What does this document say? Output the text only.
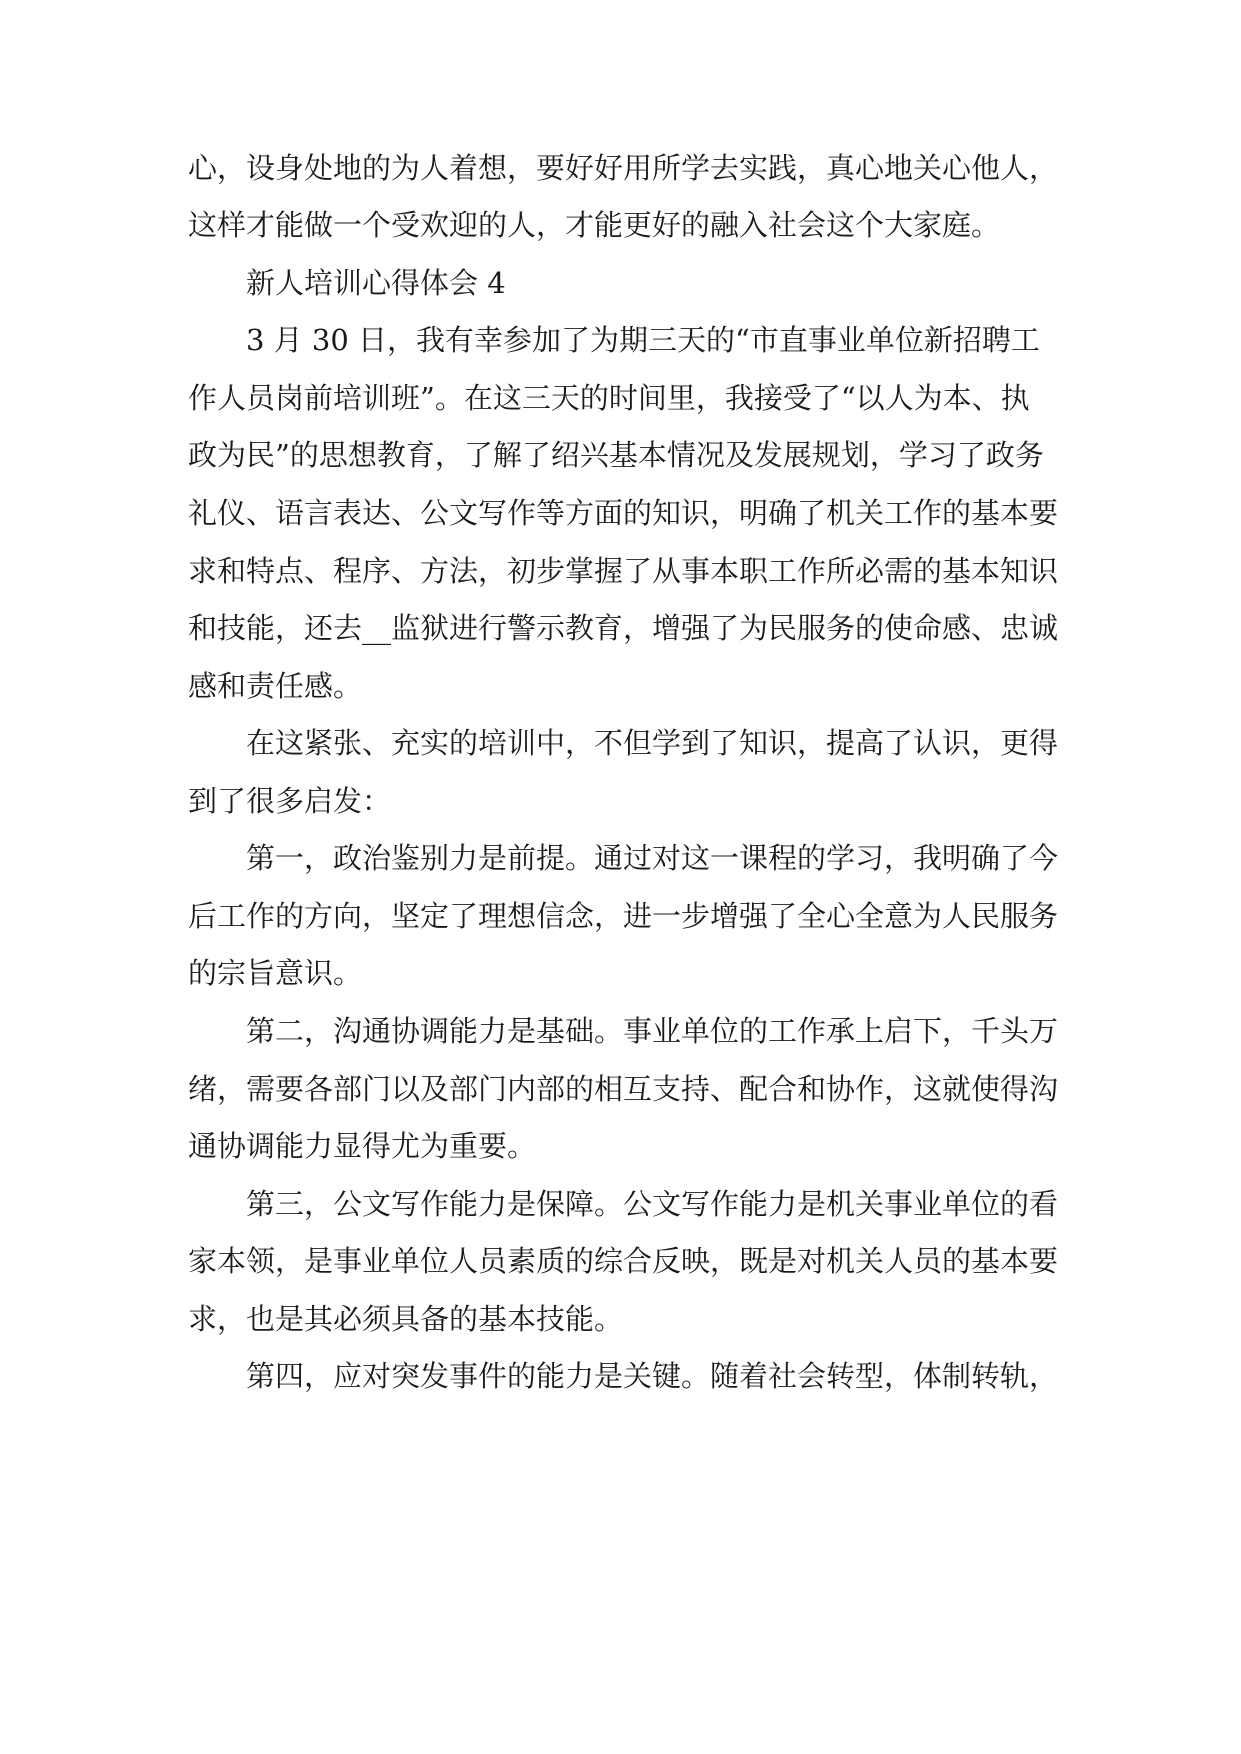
心，设身处地的为人着想，要好好用所学去实践，真心地关心他人，
这样才能做一个受欢迎的人，才能更好的融入社会这个大家庭。
新人培训心得体会 4
3 月 30 日，我有幸参加了为期三天的“市直事业单位新招聘工
作人员岗前培训班”。在这三天的时间里，我接受了“以人为本、执
政为民”的思想教育，了解了绍兴基本情况及发展规划，学习了政务
礼仪、语言表达、公文写作等方面的知识，明确了机关工作的基本要
求和特点、程序、方法，初步掌握了从事本职工作所必需的基本知识
和技能，还去__监狱进行警示教育，增强了为民服务的使命感、忠诚
感和责任感。
在这紧张、充实的培训中，不但学到了知识，提高了认识，更得
到了很多启发：
第一，政治鉴别力是前提。通过对这一课程的学习，我明确了今
后工作的方向，坚定了理想信念，进一步增强了全心全意为人民服务
的宗旨意识。
第二，沟通协调能力是基础。事业单位的工作承上启下，千头万
绪，需要各部门以及部门内部的相互支持、配合和协作，这就使得沟
通协调能力显得尤为重要。
第三，公文写作能力是保障。公文写作能力是机关事业单位的看
家本领，是事业单位人员素质的综合反映，既是对机关人员的基本要
求，也是其必须具备的基本技能。
第四，应对突发事件的能力是关键。随着社会转型，体制转轨，
